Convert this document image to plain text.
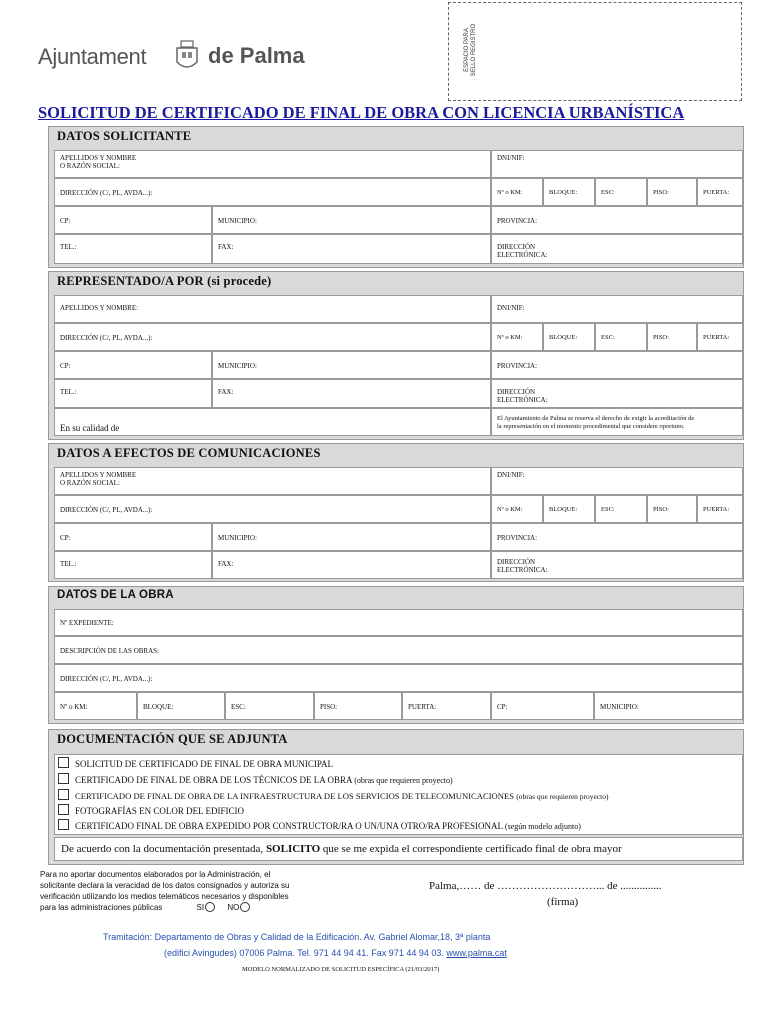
Ajuntament	de Palma	ESPACIO PARA
SELLO REGISTRO
SOLICITUD DE CERTIFICADO DE FINAL DE OBRA CON LICENCIA URBANÍSTICA
DATOS SOLICITANTE
APELLIDOS Y NOMBRE
O RAZÓN SOCIAL:
DNI/NIF:
DIRECCIÓN (C/, PL, AVDA...):	Nº o KM:	BLOQUE:	ESC:	PISO:	PUERTA:
CP:	MUNICIPIO:	PROVINCIA:
TEL.:	FAX:	DIRECCIÓN
ELECTRÓNICA:
REPRESENTADO/A POR (si procede)
APELLIDOS Y NOMBRE:	DNI/NIF:
DIRECCIÓN (C/, PL, AVDA...):	Nº o KM:	BLOQUE:	ESC:	PISO:	PUERTA:
CP:	MUNICIPIO:	PROVINCIA:
TEL.:	FAX:	DIRECCIÓN
ELECTRÓNICA:
En su calidad de
El Ayuntamiento de Palma se reserva el derecho de exigir la acreditación de
la representación en el momento procedimental que considere oportuno.
DATOS A EFECTOS DE COMUNICACIONES
APELLIDOS Y NOMBRE
O RAZÓN SOCIAL:
DNI/NIF:
DIRECCIÓN (C/, PL, AVDA...):	Nº o KM:	BLOQUE:	ESC:	PISO:	PUERTA:
CP:	MUNICIPIO:	PROVINCIA:
TEL.:	FAX:	DIRECCIÓN
ELECTRÓNICA:
DATOS DE LA OBRA
Nº EXPEDIENTE:
DESCRIPCIÓN DE LAS OBRAS:
DIRECCIÓN (C/, PL, AVDA...):
Nº o KM:	BLOQUE:	ESC:	PISO:	PUERTA:	CP:	MUNICIPIO:
DOCUMENTACIÓN QUE SE ADJUNTA
De acuerdo con la documentación presentada, SOLICITO que se me expida el correspondiente certificado final de obra mayor
SOLICITUD DE CERTIFICADO DE FINAL DE OBRA MUNICIPAL
CERTIFICADO DE FINAL DE OBRA DE LOS TÉCNICOS DE LA OBRA (obras que requieren proyecto)
CERTIFICADO DE FINAL DE OBRA DE LA INFRAESTRUCTURA DE LOS SERVICIOS DE TELECOMUNICACIONES (obras que requieren proyecto)
FOTOGRAFÍAS EN COLOR DEL EDIFICIO
CERTIFICADO FINAL DE OBRA EXPEDIDO POR CONSTRUCTOR/RA O UN/UNA OTRO/RA PROFESIONAL (según modelo adjunto)
Para no aportar documentos elaborados por la Administración, el
solicitante declara la veracidad de los datos consignados y autoriza su
verificación utilizando los medios telemáticos necesarios y disponibles
para las administraciones públicas	SI	NO
Palma,…… de ………………………... de ...............
(firma)
Tramitación: Departamento de Obras y Calidad de la Edificación. Av. Gabriel Alomar,18, 3ª planta
(edifici Avingudes) 07006 Palma. Tel. 971 44 94 41. Fax 971 44 94 03. www.palma.cat
MODELO NORMALIZADO DE SOLICITUD ESPECÍFICA (21/03/2017)
